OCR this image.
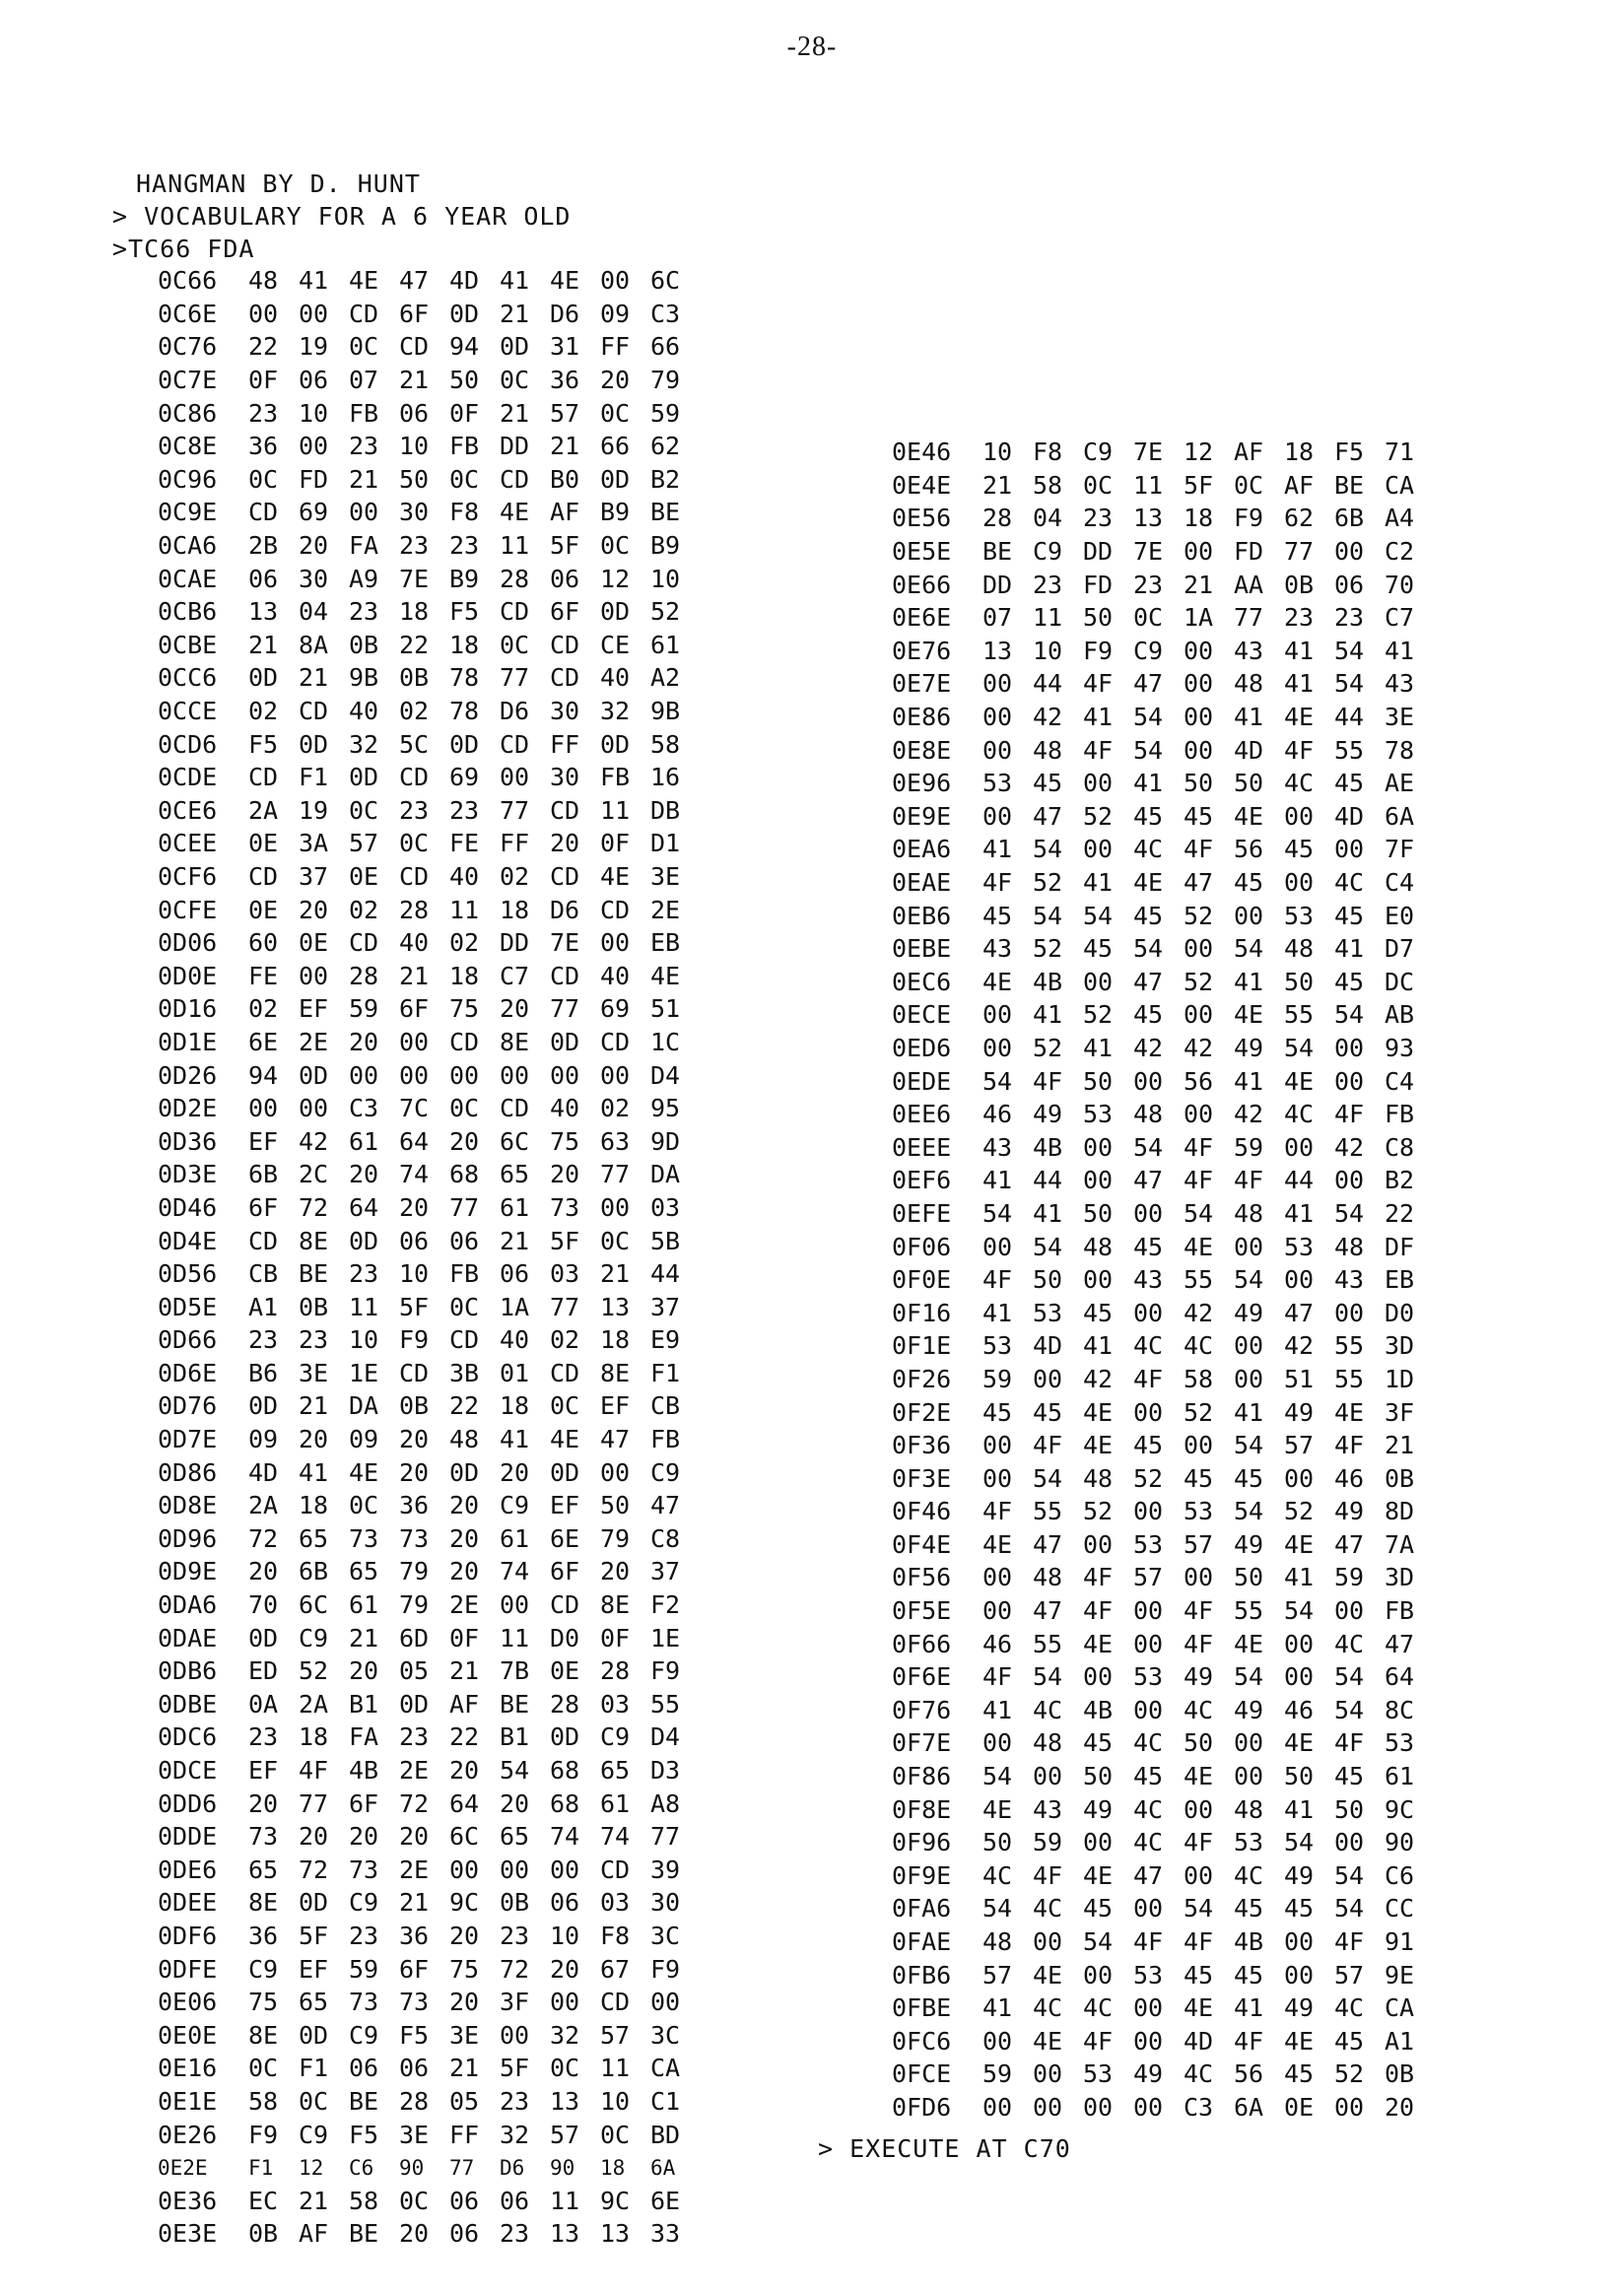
-28-
HANGMAN BY D. HUNT
> VOCABULARY FOR A 6 YEAR OLD
>TC66 FDA
0C66	48 41 4E 47 4D 41 4E 00 6C
0C6E	00 00 CD 6F 0D 21 D6 09 C3
0C76	22 19 0C CD 94 0D 31 FF 66
0C7E	0F 06 07 21 50 0C 36 20 79
0C86	23 10 FB 06 0F 21 57 0C 59
0C8E	36 00 23 10 FB DD 21 66 62
0C96	0C FD 21 50 0C CD B0 0D B2
0C9E	CD 69 00 30 F8 4E AF B9 BE
0CA6	2B 20 FA 23 23 11 5F 0C B9
0CAE	06 30 A9 7E B9 28 06 12 10
0CB6	13 04 23 18 F5 CD 6F 0D 52
0CBE	21 8A 0B 22 18 0C CD CE 61
0CC6	0D 21 9B 0B 78 77 CD 40 A2
0CCE	02 CD 40 02 78 D6 30 32 9B
0CD6	F5 0D 32 5C 0D CD FF 0D 58
0CDE	CD F1 0D CD 69 00 30 FB 16
0CE6	2A 19 0C 23 23 77 CD 11 DB
0CEE	0E 3A 57 0C FE FF 20 0F D1
0CF6	CD 37 0E CD 40 02 CD 4E 3E
0CFE	0E 20 02 28 11 18 D6 CD 2E
0D06	60 0E CD 40 02 DD 7E 00 EB
0D0E	FE 00 28 21 18 C7 CD 40 4E
0D16	02 EF 59 6F 75 20 77 69 51
0D1E	6E 2E 20 00 CD 8E 0D CD 1C
0D26	94 0D 00 00 00 00 00 00 D4
0D2E	00 00 C3 7C 0C CD 40 02 95
0D36	EF 42 61 64 20 6C 75 63 9D
0D3E	6B 2C 20 74 68 65 20 77 DA
0D46	6F 72 64 20 77 61 73 00 03
0D4E	CD 8E 0D 06 06 21 5F 0C 5B
0D56	CB BE 23 10 FB 06 03 21 44
0D5E	A1 0B 11 5F 0C 1A 77 13 37
0D66	23 23 10 F9 CD 40 02 18 E9
0D6E	B6 3E 1E CD 3B 01 CD 8E F1
0D76	0D 21 DA 0B 22 18 0C EF CB
0D7E	09 20 09 20 48 41 4E 47 FB
0D86	4D 41 4E 20 0D 20 0D 00 C9
0D8E	2A 18 0C 36 20 C9 EF 50 47
0D96	72 65 73 73 20 61 6E 79 C8
0D9E	20 6B 65 79 20 74 6F 20 37
0DA6	70 6C 61 79 2E 00 CD 8E F2
0DAE	0D C9 21 6D 0F 11 D0 0F 1E
0DB6	ED 52 20 05 21 7B 0E 28 F9
0DBE	0A 2A B1 0D AF BE 28 03 55
0DC6	23 18 FA 23 22 B1 0D C9 D4
0DCE	EF 4F 4B 2E 20 54 68 65 D3
0DD6	20 77 6F 72 64 20 68 61 A8
0DDE	73 20 20 20 6C 65 74 74 77
0DE6	65 72 73 2E 00 00 00 CD 39
0DEE	8E 0D C9 21 9C 0B 06 03 30
0DF6	36 5F 23 36 20 23 10 F8 3C
0DFE	C9 EF 59 6F 75 72 20 67 F9
0E06	75 65 73 73 20 3F 00 CD 00
0E0E	8E 0D C9 F5 3E 00 32 57 3C
0E16	0C F1 06 06 21 5F 0C 11 CA
0E1E	58 0C BE 28 05 23 13 10 C1
0E26	F9 C9 F5 3E FF 32 57 0C BD
0E2E	F1	12	C6	90	77	D6	90	18	6A
0E36	EC 21 58 0C 06 06 11 9C 6E
0E3E	0B AF BE 20 06 23 13 13 33
0E46	10 F8 C9 7E 12 AF 18 F5 71
0E4E	21 58 0C 11 5F 0C AF BE CA
0E56	28 04 23 13 18 F9 62 6B A4
0E5E	BE C9 DD 7E 00 FD 77 00 C2
0E66	DD 23 FD 23 21 AA 0B 06 70
0E6E	07 11 50 0C 1A 77 23 23 C7
0E76	13 10 F9 C9 00 43 41 54 41
0E7E	00 44 4F 47 00 48 41 54 43
0E86	00 42 41 54 00 41 4E 44 3E
0E8E	00 48 4F 54 00 4D 4F 55 78
0E96	53 45 00 41 50 50 4C 45 AE
0E9E	00 47 52 45 45 4E 00 4D 6A
0EA6	41 54 00 4C 4F 56 45 00 7F
0EAE	4F 52 41 4E 47 45 00 4C C4
0EB6	45 54 54 45 52 00 53 45 E0
0EBE	43 52 45 54 00 54 48 41 D7
0EC6	4E 4B 00 47 52 41 50 45 DC
0ECE	00 41 52 45 00 4E 55 54 AB
0ED6	00 52 41 42 42 49 54 00 93
0EDE	54 4F 50 00 56 41 4E 00 C4
0EE6	46 49 53 48 00 42 4C 4F FB
0EEE	43 4B 00 54 4F 59 00 42 C8
0EF6	41 44 00 47 4F 4F 44 00 B2
0EFE	54 41 50 00 54 48 41 54 22
0F06	00 54 48 45 4E 00 53 48 DF
0F0E	4F 50 00 43 55 54 00 43 EB
0F16	41 53 45 00 42 49 47 00 D0
0F1E	53 4D 41 4C 4C 00 42 55 3D
0F26	59 00 42 4F 58 00 51 55 1D
0F2E	45 45 4E 00 52 41 49 4E 3F
0F36	00 4F 4E 45 00 54 57 4F 21
0F3E	00 54 48 52 45 45 00 46 0B
0F46	4F 55 52 00 53 54 52 49 8D
0F4E	4E 47 00 53 57 49 4E 47 7A
0F56	00 48 4F 57 00 50 41 59 3D
0F5E	00 47 4F 00 4F 55 54 00 FB
0F66	46 55 4E 00 4F 4E 00 4C 47
0F6E	4F 54 00 53 49 54 00 54 64
0F76	41 4C 4B 00 4C 49 46 54 8C
0F7E	00 48 45 4C 50 00 4E 4F 53
0F86	54 00 50 45 4E 00 50 45 61
0F8E	4E 43 49 4C 00 48 41 50 9C
0F96	50 59 00 4C 4F 53 54 00 90
0F9E	4C 4F 4E 47 00 4C 49 54 C6
0FA6	54 4C 45 00 54 45 45 54 CC
0FAE	48 00 54 4F 4F 4B 00 4F 91
0FB6	57 4E 00 53 45 45 00 57 9E
0FBE	41 4C 4C 00 4E 41 49 4C CA
0FC6	00 4E 4F 00 4D 4F 4E 45 A1
0FCE	59 00 53 49 4C 56 45 52 0B
0FD6	00 00 00 00 C3 6A 0E 00 20
> EXECUTE AT C70
